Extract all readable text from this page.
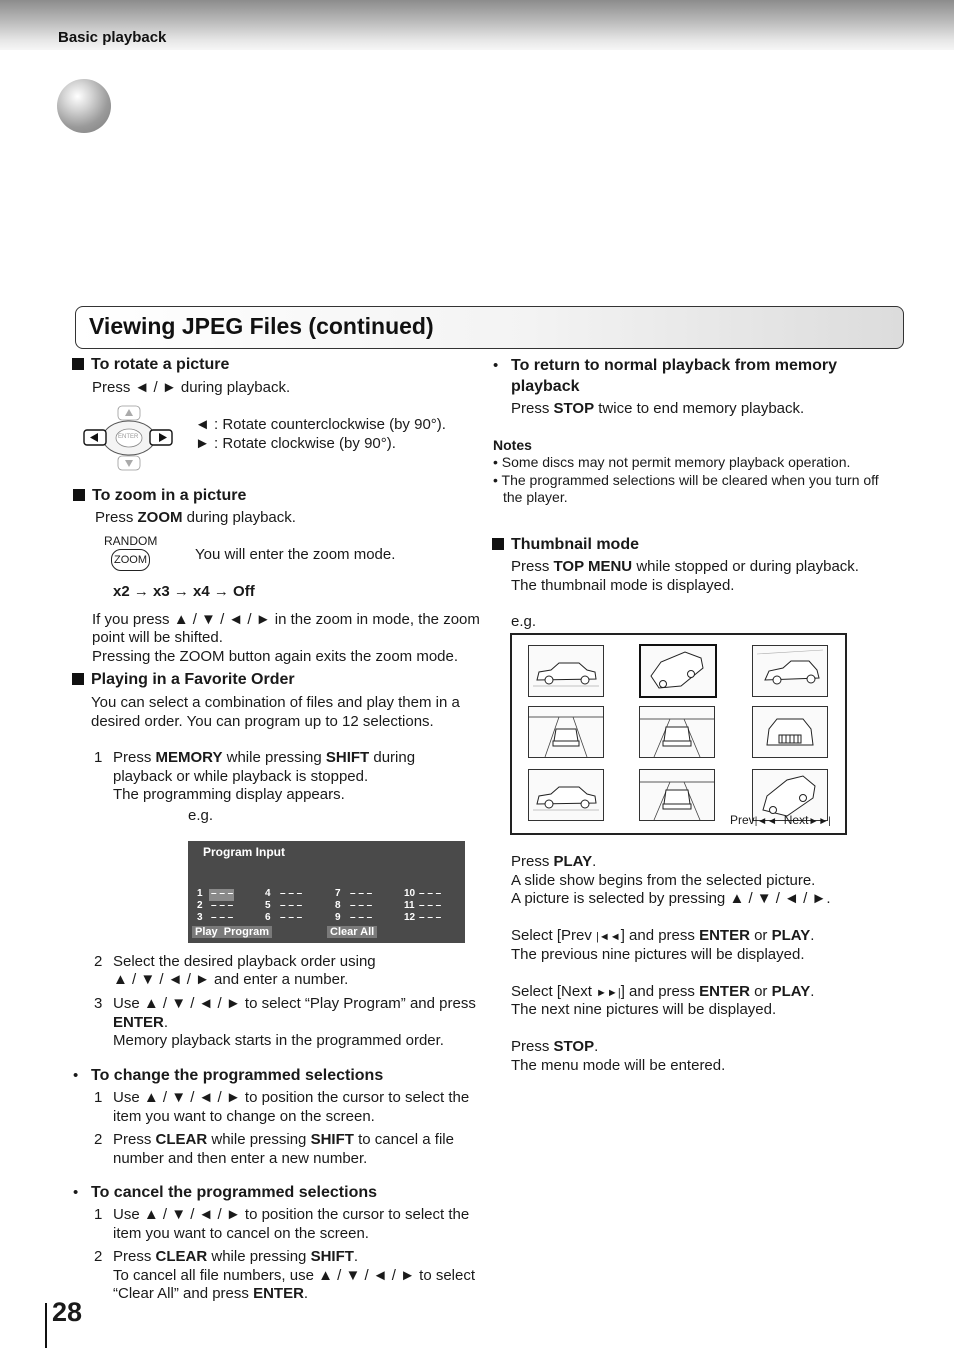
Basic playback
Viewing JPEG Files (continued)
To rotate a picture
Press ◄ / ► during playback.
ENTER
◄ : Rotate counterclockwise (by 90°).
► : Rotate clockwise (by 90°).
To zoom in a picture
Press ZOOM during playback.
RANDOM
ZOOM	You will enter the zoom mode.
x2 → x3 → x4 → Off
If you press ▲ / ▼ / ◄ / ► in the zoom in mode, the zoom
point will be shifted.
Pressing the ZOOM button again exits the zoom mode.
Playing in a Favorite Order
You can select a combination of files and play them in a
desired order. You can program up to 12 selections.
1 Press MEMORY while pressing SHIFT during
playback or while playback is stopped.
The programming display appears.
e.g.
Program Input
1 – – –
2 – – –
3 – – –
4 – – –
5 – – –
6 – – –
7 – – –
8 – – –
9 – – –
10 – – –
11 – – –
12 – – –
Play Program	Clear All
2 Select the desired playback order using
▲ / ▼ / ◄ / ► and enter a number.
3 Use ▲ / ▼ / ◄ / ► to select “Play Program” and press
ENTER.
Memory playback starts in the programmed order.
• To change the programmed selections
1 Use ▲ / ▼ / ◄ / ► to position the cursor to select the
item you want to change on the screen.
2 Press CLEAR while pressing SHIFT to cancel a file
number and then enter a new number.
• To cancel the programmed selections
1 Use ▲ / ▼ / ◄ / ► to position the cursor to select the
item you want to cancel on the screen.
2 Press CLEAR while pressing SHIFT.
To cancel all file numbers, use ▲ / ▼ / ◄ / ► to select
“Clear All” and press ENTER.
• To return to normal playback from memory
playback
Press STOP twice to end memory playback.
Notes
• Some discs may not permit memory playback operation.
• The programmed selections will be cleared when you turn off
the player.
Thumbnail mode
Press TOP MENU while stopped or during playback.
The thumbnail mode is displayed.
e.g.
Prev|◄◄ Next►►|
Press PLAY.
A slide show begins from the selected picture.
A picture is selected by pressing ▲ / ▼ / ◄ / ►.
Select [Prev |◄◄] and press ENTER or PLAY.
The previous nine pictures will be displayed.
Select [Next ►►|] and press ENTER or PLAY.
The next nine pictures will be displayed.
Press STOP.
The menu mode will be entered.
28
